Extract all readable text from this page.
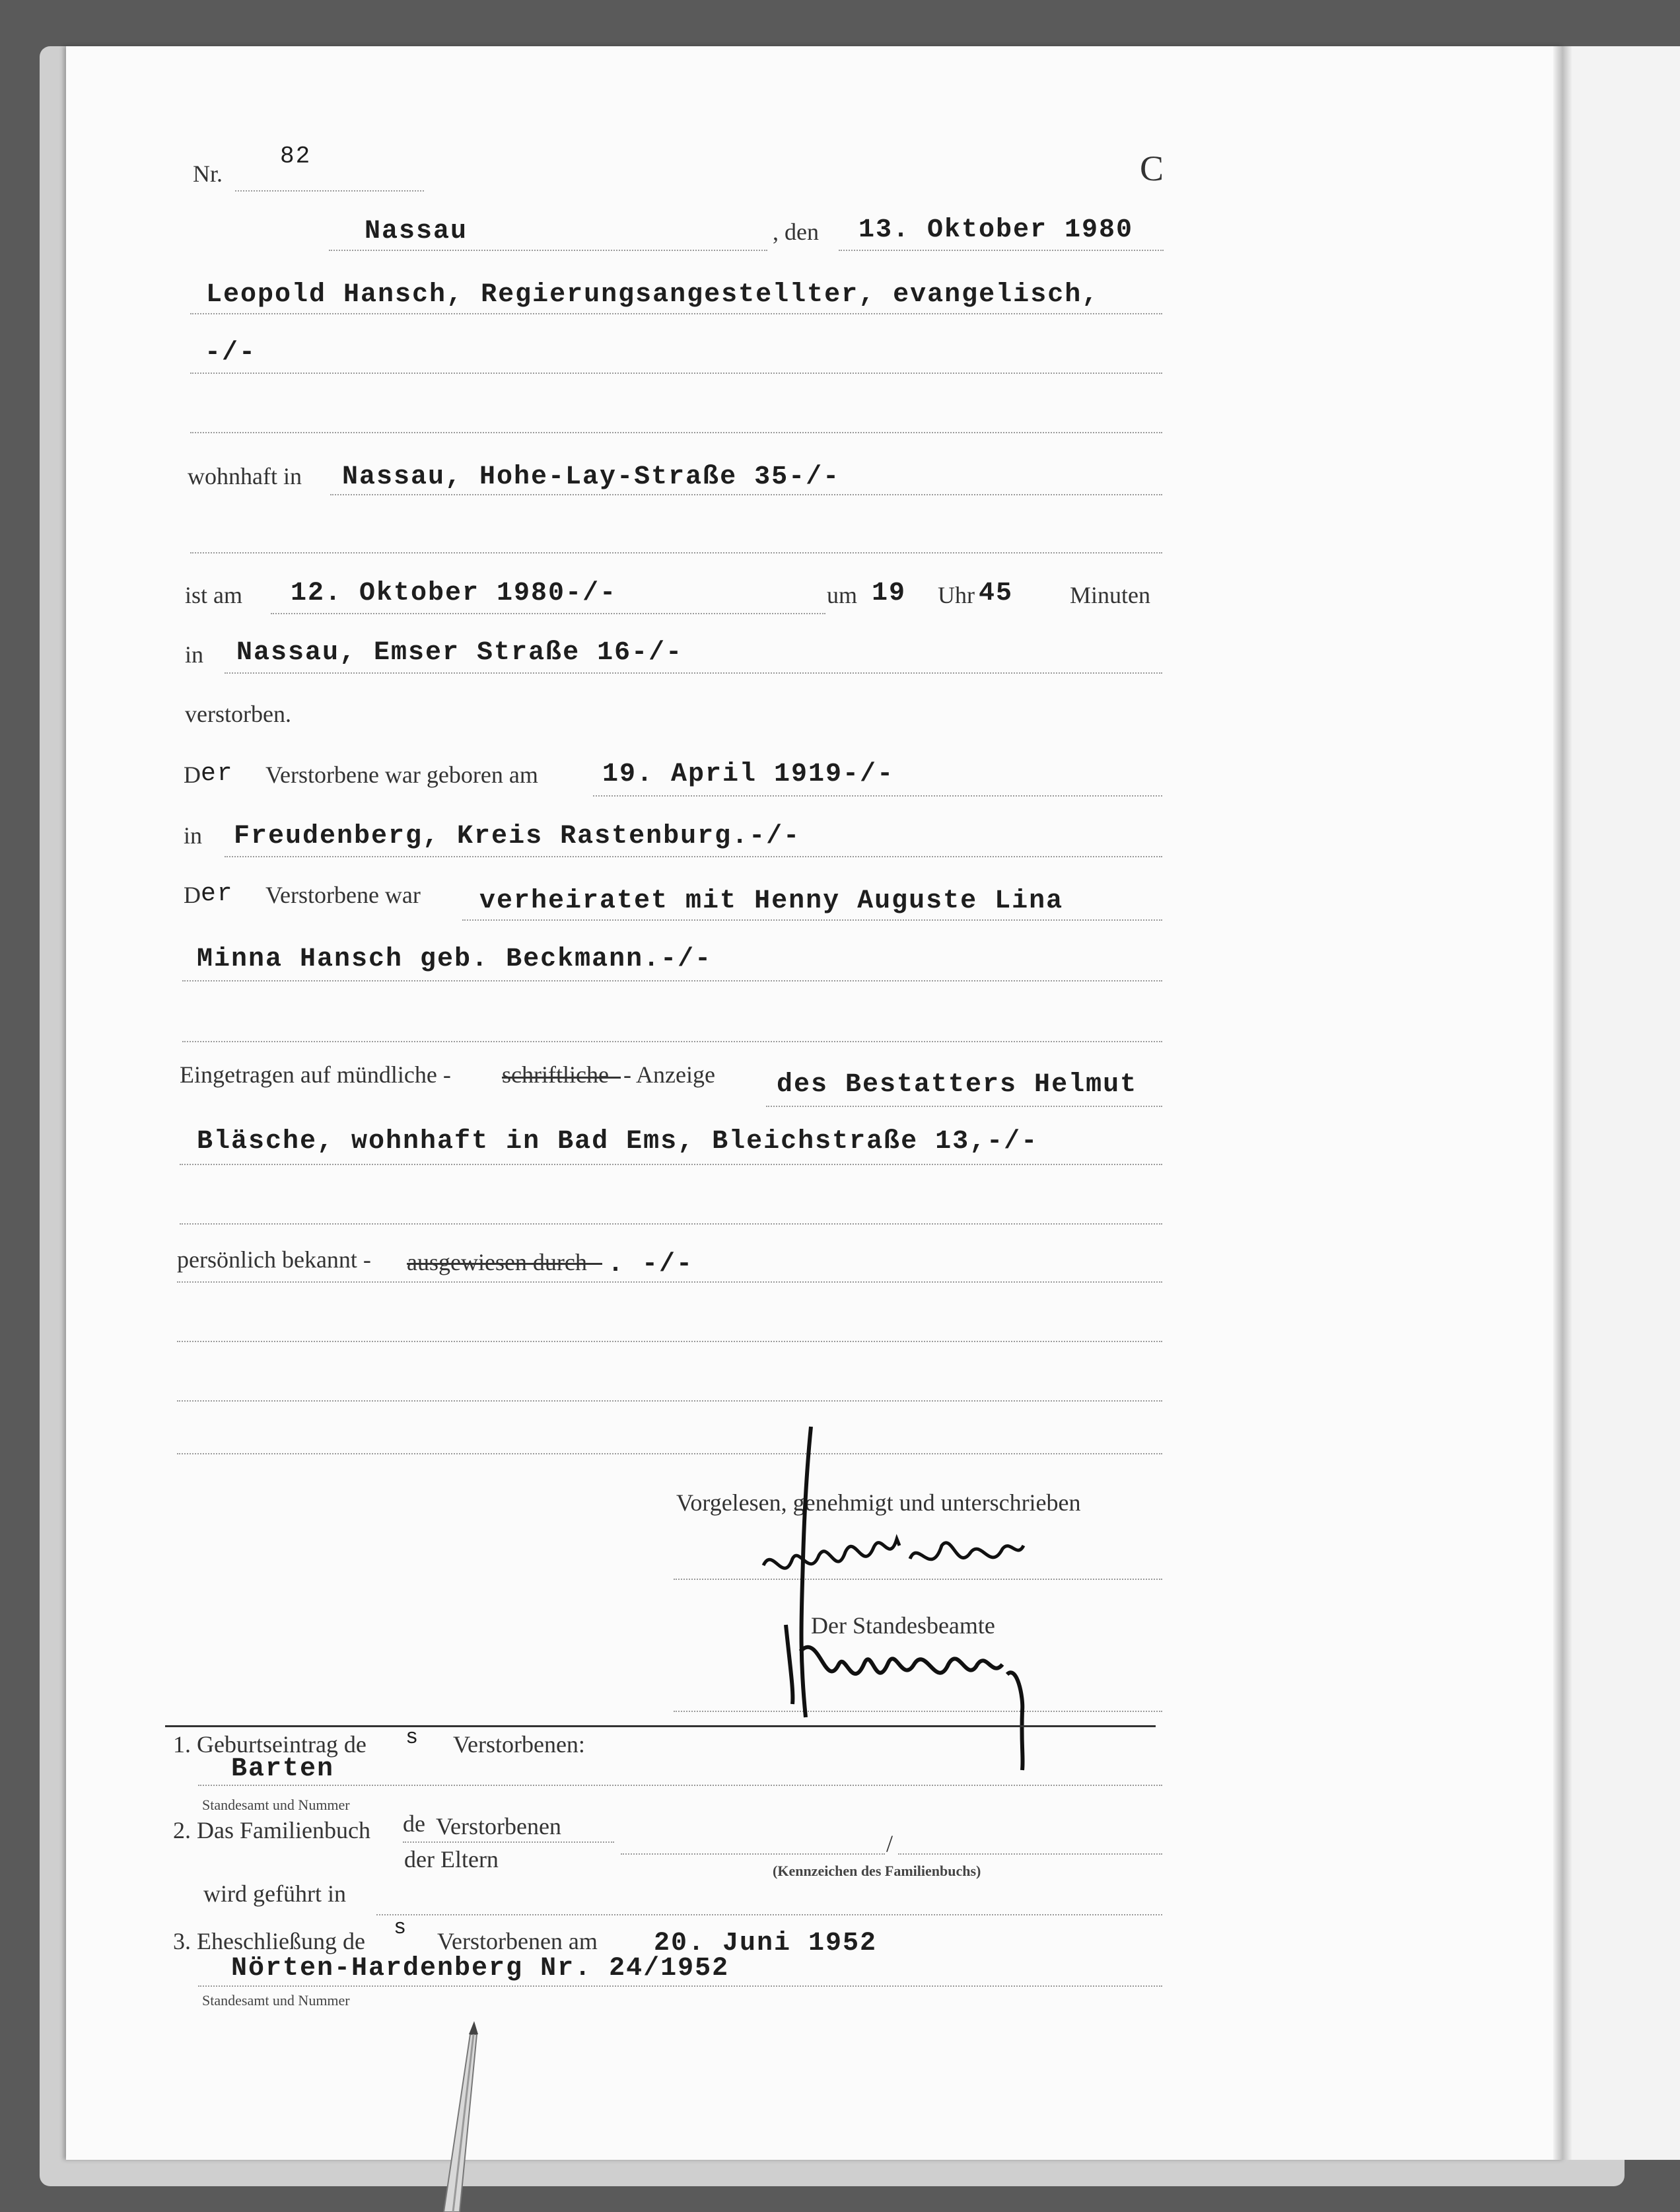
Nr.
82	C
Nassau	, den 13. Oktober 1980
Leopold Hansch, Regierungsangestellter, evangelisch,
-/-
wohnhaft in Nassau, Hohe-Lay-Straße 35-/-
ist am 12. Oktober 1980-/-	um 19 Uhr 45 Minuten
in Nassau, Emser Straße 16-/-
verstorben.
D er Verstorbene war geboren am 19. April 1919-/-
in Freudenberg, Kreis Rastenburg.-/-
D er Verstorbene war verheiratet mit Henny Auguste Lina
Minna Hansch geb. Beckmann.-/-
Eingetragen auf mündliche - schriftliche - Anzeige des Bestatters Helmut
Bläsche, wohnhaft in Bad Ems, Bleichstraße 13,-/-
persönlich bekannt - ausgewiesen durch . -/-
Vorgelesen, genehmigt und unterschrieben
Der Standesbeamte
1. Geburtseintrag de s Verstorbenen:
Barten
Standesamt und Nummer
2. Das Familienbuch de Verstorbenen
der Eltern
/
(Kennzeichen des Familienbuchs)
wird geführt in
3. Eheschließung de
s
Verstorbenen am 20. Juni 1952
Nörten-Hardenberg Nr. 24/1952
Standesamt und Nummer
